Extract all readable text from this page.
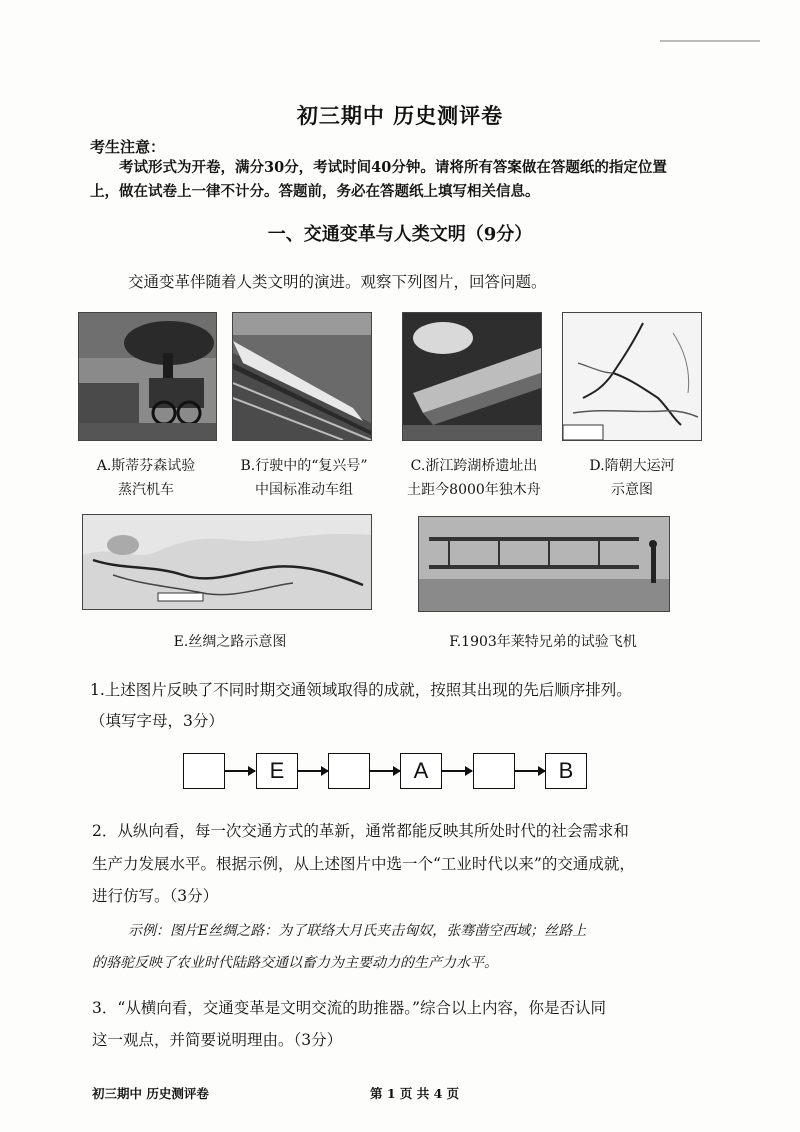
初三期中 历史测评卷
考生注意：
考试形式为开卷，满分30分，考试时间40分钟。请将所有答案做在答题纸的指定位置上，做在试卷上一律不计分。答题前，务必在答题纸上填写相关信息。
一、交通变革与人类文明（9分）
交通变革伴随着人类文明的演进。观察下列图片，回答问题。
A.斯蒂芬森试验
蒸汽机车
B.行驶中的“复兴号”
中国标准动车组
C.浙江跨湖桥遗址出
土距今8000年独木舟
D.隋朝大运河
示意图
E.丝绸之路示意图	F.1903年莱特兄弟的试验飞机
1.上述图片反映了不同时期交通领域取得的成就，按照其出现的先后顺序排列。
（填写字母，3分）
E	A	B
2．从纵向看，每一次交通方式的革新，通常都能反映其所处时代的社会需求和
生产力发展水平。根据示例，从上述图片中选一个“工业时代以来”的交通成就，
进行仿写。（3分）
示例：图片E丝绸之路：为了联络大月氏夹击匈奴，张骞凿空西域；丝路上
的骆驼反映了农业时代陆路交通以畜力为主要动力的生产力水平。
3．“从横向看，交通变革是文明交流的助推器。”综合以上内容，你是否认同
这一观点，并简要说明理由。（3分）
初三期中 历史测评卷	第 1 页 共 4 页
